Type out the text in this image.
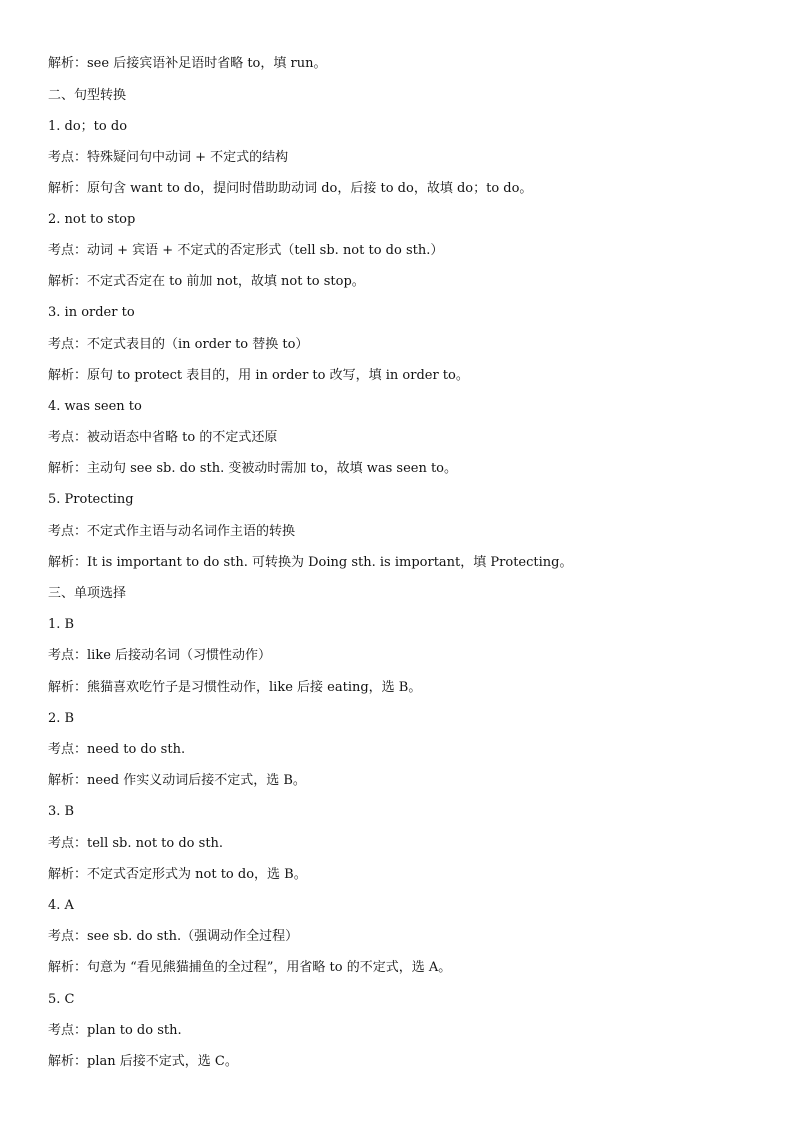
解析：see 后接宾语补足语时省略 to，填 run。
二、句型转换
1. do；to do
考点：特殊疑问句中动词 + 不定式的结构
解析：原句含 want to do，提问时借助助动词 do，后接 to do，故填 do；to do。
2. not to stop
考点：动词 + 宾语 + 不定式的否定形式（tell sb. not to do sth.）
解析：不定式否定在 to 前加 not，故填 not to stop。
3. in order to
考点：不定式表目的（in order to 替换 to）
解析：原句 to protect 表目的，用 in order to 改写，填 in order to。
4. was seen to
考点：被动语态中省略 to 的不定式还原
解析：主动句 see sb. do sth. 变被动时需加 to，故填 was seen to。
5. Protecting
考点：不定式作主语与动名词作主语的转换
解析：It is important to do sth. 可转换为 Doing sth. is important，填 Protecting。
三、单项选择
1. B
考点：like 后接动名词（习惯性动作）
解析：熊猫喜欢吃竹子是习惯性动作，like 后接 eating，选 B。
2. B
考点：need to do sth.
解析：need 作实义动词后接不定式，选 B。
3. B
考点：tell sb. not to do sth.
解析：不定式否定形式为 not to do，选 B。
4. A
考点：see sb. do sth.（强调动作全过程）
解析：句意为 “看见熊猫捕鱼的全过程”，用省略 to 的不定式，选 A。
5. C
考点：plan to do sth.
解析：plan 后接不定式，选 C。
